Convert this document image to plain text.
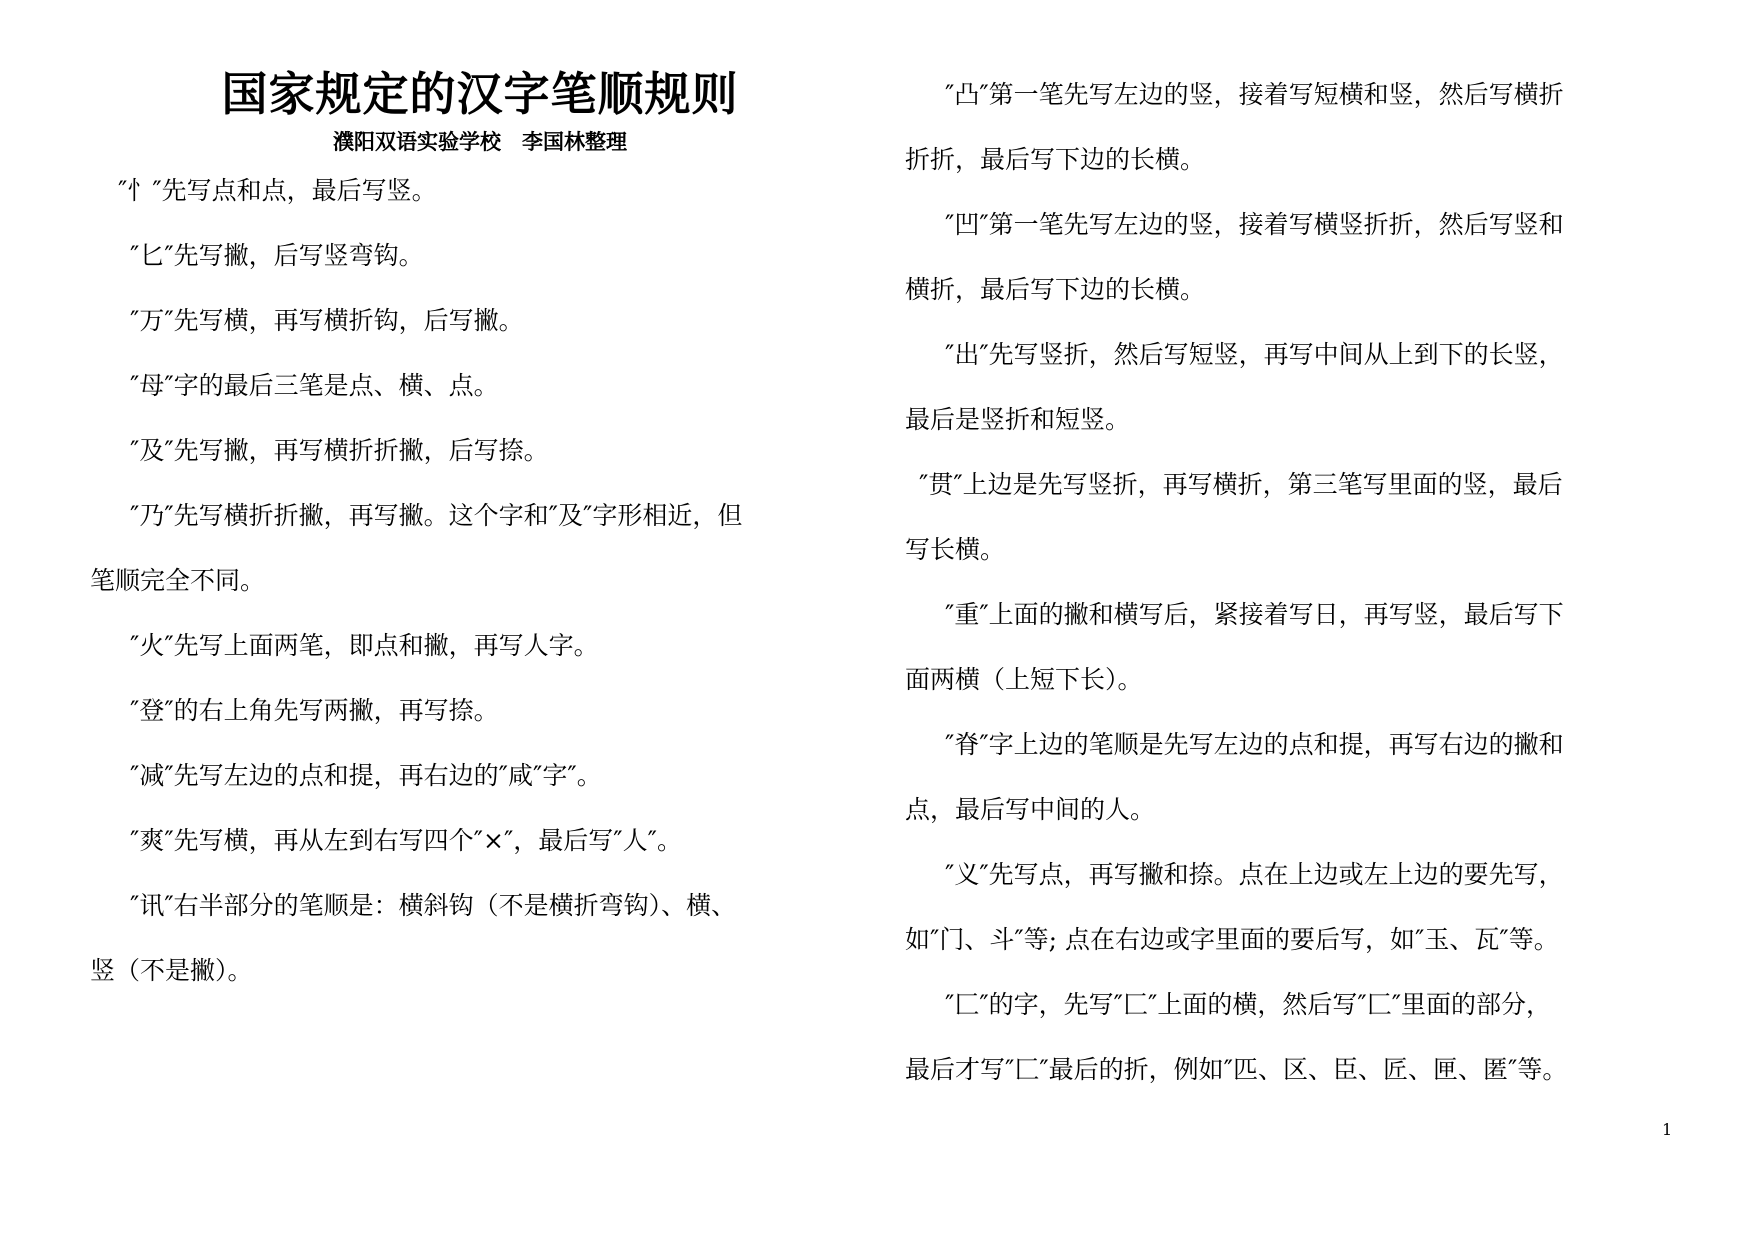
国家规定的汉字笔顺规则
濮阳双语实验学校　李国林整理

″忄″先写点和点，最后写竖。

″匕″先写撇，后写竖弯钩。

″万″先写横，再写横折钩，后写撇。

″母″字的最后三笔是点、横、点。

″及″先写撇，再写横折折撇，后写捺。

″乃″先写横折折撇，再写撇。这个字和″及″字形相近，但

笔顺完全不同。

″火″先写上面两笔，即点和撇，再写人字。

″登″的右上角先写两撇，再写捺。

″减″先写左边的点和提，再右边的″咸″字″。

″爽″先写横，再从左到右写四个″×″，最后写″人″。

″讯″右半部分的笔顺是：横斜钩（不是横折弯钩）、横、

竖（不是撇）。

″凸″第一笔先写左边的竖，接着写短横和竖，然后写横折

折折，最后写下边的长横。

″凹″第一笔先写左边的竖，接着写横竖折折，然后写竖和

横折，最后写下边的长横。

″出″先写竖折，然后写短竖，再写中间从上到下的长竖，

最后是竖折和短竖。

″贯″上边是先写竖折，再写横折，第三笔写里面的竖，最后

写长横。

″重″上面的撇和横写后，紧接着写日，再写竖，最后写下

面两横（上短下长）。

″脊″字上边的笔顺是先写左边的点和提，再写右边的撇和

点，最后写中间的人。

″义″先写点，再写撇和捺。点在上边或左上边的要先写，

如″门、斗″等; 点在右边或字里面的要后写，如″玉、瓦″等。

″匚″的字，先写″匚″上面的横，然后写″匚″里面的部分，

最后才写″匚″最后的折，例如″匹、区、臣、匠、匣、匿″等。

1
